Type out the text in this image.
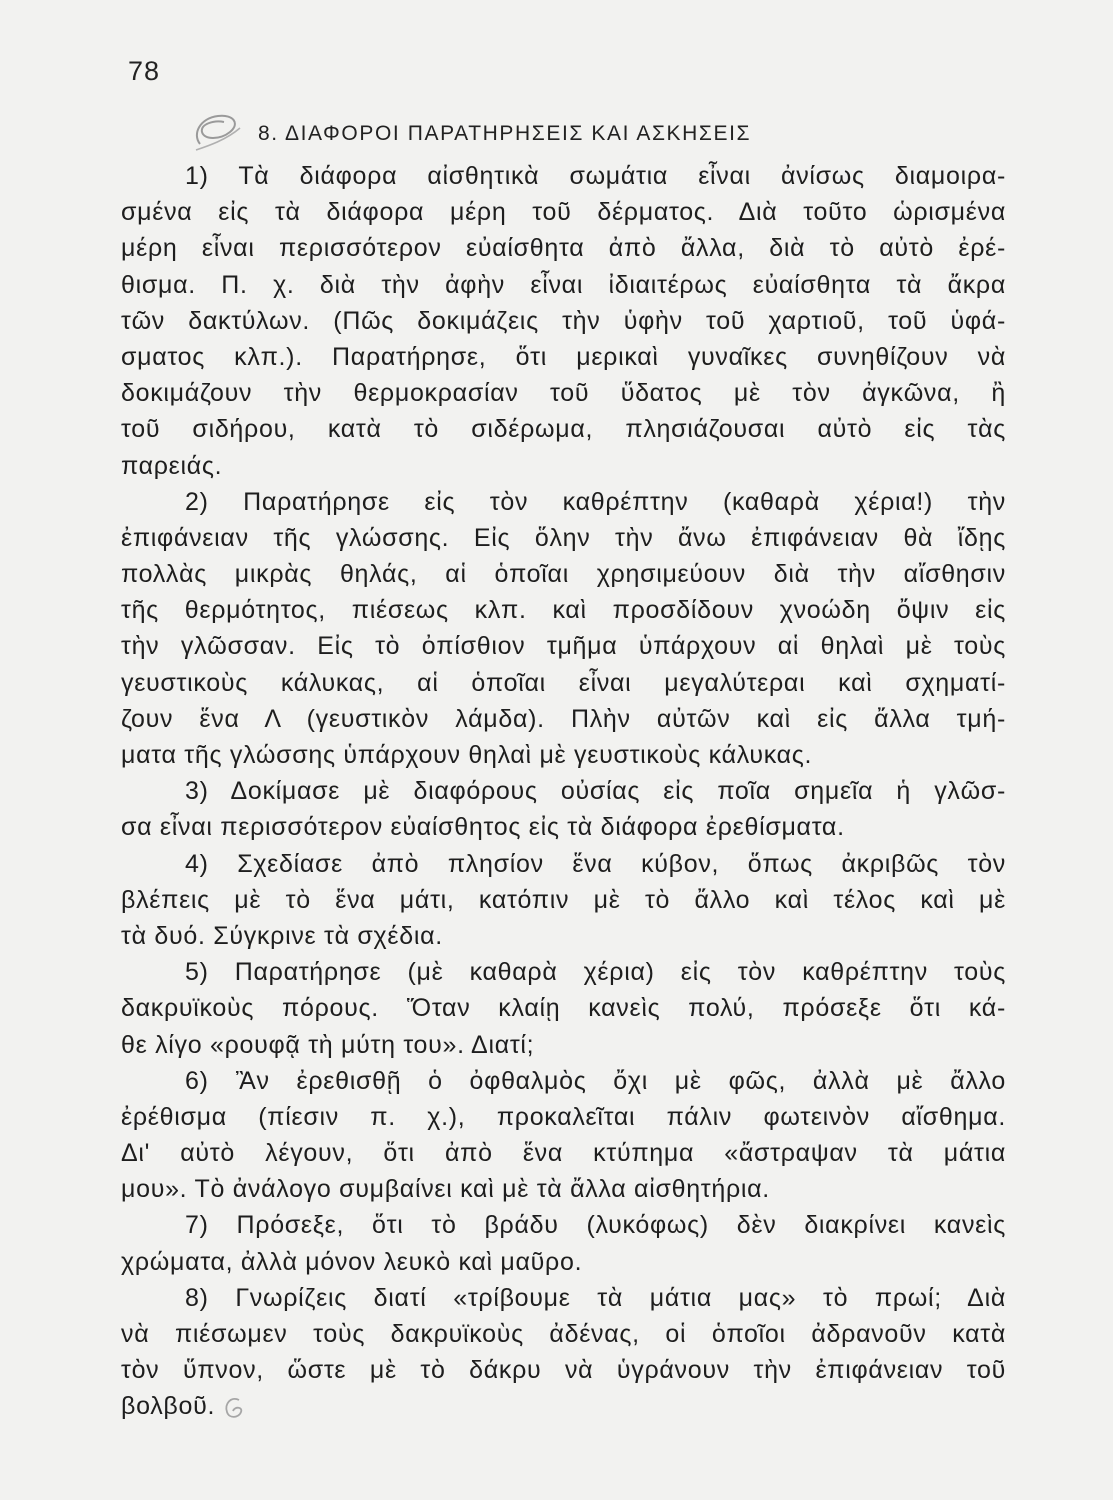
78
8. ΔΙΑΦΟΡΟΙ ΠΑΡΑΤΗΡΗΣΕΙΣ ΚΑΙ ΑΣΚΗΣΕΙΣ
1) Τὰ διάφορα αἰσθητικὰ σωμάτια εἶναι ἀνίσως διαμοιρα-
σμένα εἰς τὰ διάφορα μέρη τοῦ δέρματος. Διὰ τοῦτο ὡρισμένα
μέρη εἶναι περισσότερον εὐαίσθητα ἀπὸ ἄλλα, διὰ τὸ αὐτὸ ἐρέ-
θισμα. Π. χ. διὰ τὴν ἀφὴν εἶναι ἰδιαιτέρως εὐαίσθητα τὰ ἄκρα
τῶν δακτύλων. (Πῶς δοκιμάζεις τὴν ὑφὴν τοῦ χαρτιοῦ, τοῦ ὑφά-
σματος κλπ.). Παρατήρησε, ὅτι μερικαὶ γυναῖκες συνηθίζουν νὰ
δοκιμάζουν τὴν θερμοκρασίαν τοῦ ὕδατος μὲ τὸν ἀγκῶνα, ἢ
τοῦ σιδήρου, κατὰ τὸ σιδέρωμα, πλησιάζουσαι αὐτὸ εἰς τὰς
παρειάς.
2) Παρατήρησε εἰς τὸν καθρέπτην (καθαρὰ χέρια!) τὴν
ἐπιφάνειαν τῆς γλώσσης. Εἰς ὅλην τὴν ἄνω ἐπιφάνειαν θὰ ἴδῃς
πολλὰς μικρὰς θηλάς, αἱ ὁποῖαι χρησιμεύουν διὰ τὴν αἴσθησιν
τῆς θερμότητος, πιέσεως κλπ. καὶ προσδίδουν χνοώδη ὄψιν εἰς
τὴν γλῶσσαν. Εἰς τὸ ὀπίσθιον τμῆμα ὑπάρχουν αἱ θηλαὶ μὲ τοὺς
γευστικοὺς κάλυκας, αἱ ὁποῖαι εἶναι μεγαλύτεραι καὶ σχηματί-
ζουν ἕνα Λ (γευστικὸν λάμδα). Πλὴν αὐτῶν καὶ εἰς ἄλλα τμή-
ματα τῆς γλώσσης ὑπάρχουν θηλαὶ μὲ γευστικοὺς κάλυκας.
3) Δοκίμασε μὲ διαφόρους οὐσίας εἰς ποῖα σημεῖα ἡ γλῶσ-
σα εἶναι περισσότερον εὐαίσθητος εἰς τὰ διάφορα ἐρεθίσματα.
4) Σχεδίασε ἀπὸ πλησίον ἕνα κύβον, ὅπως ἀκριβῶς τὸν
βλέπεις μὲ τὸ ἕνα μάτι, κατόπιν μὲ τὸ ἄλλο καὶ τέλος καὶ μὲ
τὰ δυό. Σύγκρινε τὰ σχέδια.
5) Παρατήρησε (μὲ καθαρὰ χέρια) εἰς τὸν καθρέπτην τοὺς
δακρυϊκοὺς πόρους. Ὅταν κλαίῃ κανεὶς πολύ, πρόσεξε ὅτι κά-
θε λίγο «ρουφᾷ τὴ μύτη του». Διατί;
6) Ἂν ἐρεθισθῇ ὁ ὀφθαλμὸς ὄχι μὲ φῶς, ἀλλὰ μὲ ἄλλο
ἐρέθισμα (πίεσιν π. χ.), προκαλεῖται πάλιν φωτεινὸν αἴσθημα.
Δι' αὐτὸ λέγουν, ὅτι ἀπὸ ἕνα κτύπημα «ἄστραψαν τὰ μάτια
μου». Τὸ ἀνάλογο συμβαίνει καὶ μὲ τὰ ἄλλα αἰσθητήρια.
7) Πρόσεξε, ὅτι τὸ βράδυ (λυκόφως) δὲν διακρίνει κανεὶς
χρώματα, ἀλλὰ μόνον λευκὸ καὶ μαῦρο.
8) Γνωρίζεις διατί «τρίβουμε τὰ μάτια μας» τὸ πρωί; Διὰ
νὰ πιέσωμεν τοὺς δακρυϊκοὺς ἀδένας, οἱ ὁποῖοι ἀδρανοῦν κατὰ
τὸν ὕπνον, ὥστε μὲ τὸ δάκρυ νὰ ὑγράνουν τὴν ἐπιφάνειαν τοῦ
βολβοῦ.
